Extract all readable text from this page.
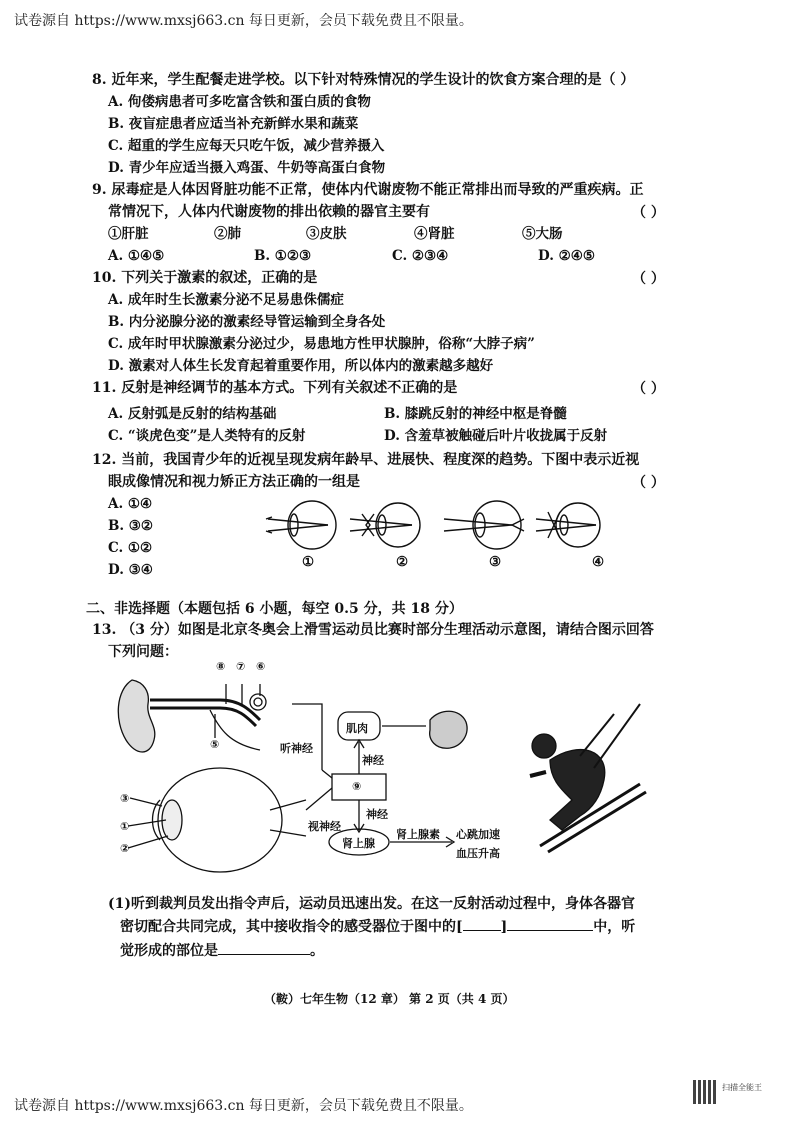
试卷源自 https://www.mxsj663.cn 每日更新，会员下载免费且不限量。
8. 近年来，学生配餐走进学校。以下针对特殊情况的学生设计的饮食方案合理的是（ ）
A. 佝偻病患者可多吃富含铁和蛋白质的食物
B. 夜盲症患者应适当补充新鲜水果和蔬菜
C. 超重的学生应每天只吃午饭，减少营养摄入
D. 青少年应适当摄入鸡蛋、牛奶等高蛋白食物
9. 尿毒症是人体因肾脏功能不正常，使体内代谢废物不能正常排出而导致的严重疾病。正
常情况下，人体内代谢废物的排出依赖的器官主要有	（ ）
①肝脏	②肺	③皮肤	④肾脏	⑤大肠
A. ①④⑤	B. ①②③	C. ②③④	D. ②④⑤
10. 下列关于激素的叙述，正确的是	（ ）
A. 成年时生长激素分泌不足易患侏儒症
B. 内分泌腺分泌的激素经导管运输到全身各处
C. 成年时甲状腺激素分泌过少，易患地方性甲状腺肿，俗称“大脖子病”
D. 激素对人体生长发育起着重要作用，所以体内的激素越多越好
11. 反射是神经调节的基本方式。下列有关叙述不正确的是	（ ）
A. 反射弧是反射的结构基础	B. 膝跳反射的神经中枢是脊髓
C. “谈虎色变”是人类特有的反射	D. 含羞草被触碰后叶片收拢属于反射
12. 当前，我国青少年的近视呈现发病年龄早、进展快、程度深的趋势。下图中表示近视
眼成像情况和视力矫正方法正确的一组是	（ ）
A. ①④
B. ③②
C. ①②
D. ③④	①	②	③	④
二、非选择题（本题包括 6 小题，每空 0.5 分，共 18 分）
13. （3 分）如图是北京冬奥会上滑雪运动员比赛时部分生理活动示意图，请结合图示回答
下列问题：
⑧ ⑦ ⑥
⑤	听神经
肌肉
神经
⑨
神经
视神经
肾上腺
肾上腺素 心跳加速
血压升高
③
①
②
(1)听到裁判员发出指令声后，运动员迅速出发。在这一反射活动过程中，身体各器官
密切配合共同完成，其中接收指令的感受器位于图中的[	]	中，听
觉形成的部位是	。
（鞍）七年生物（12 章） 第 2 页（共 4 页）
试卷源自 https://www.mxsj663.cn 每日更新，会员下载免费且不限量。
扫描全能王
